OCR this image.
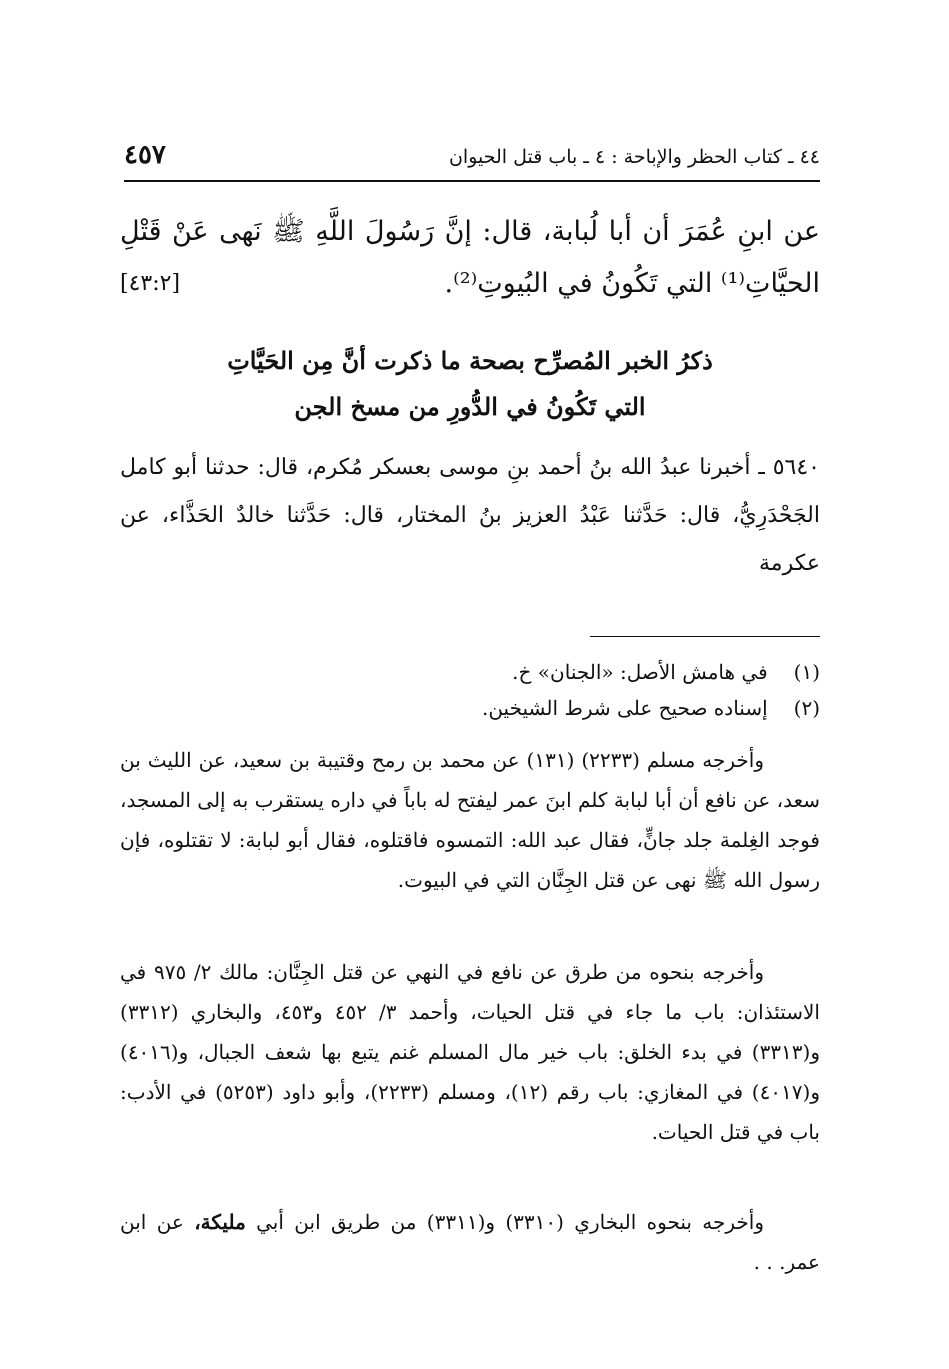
٤٤ ـ كتاب الحظر والإباحة : ٤ ـ باب قتل الحيوان
٤٥٧
عن ابنِ عُمَرَ أن أبا لُبابة، قال: إنَّ رَسُولَ اللَّهِ ﷺ نَهى عَنْ قَتْلِ الحيَّاتِ⁽¹⁾ التي تَكُونُ في البُيوتِ⁽²⁾.
[٤٣:٢]
ذكرُ الخبر المُصرِّح بصحة ما ذكرت أنَّ مِن الحَيَّاتِ
التي تَكُونُ في الدُّورِ من مسخ الجن
٥٦٤٠ ـ أخبرنا عبدُ الله بنُ أحمد بنِ موسى بعسكر مُكرم، قال: حدثنا أبو كامل الجَحْدَرِيُّ، قال: حَدَّثنا عَبْدُ العزيز بنُ المختار، قال: حَدَّثنا خالدٌ الحَذَّاء، عن عكرمة
(١) في هامش الأصل: «الجنان» خ.
(٢) إسناده صحيح على شرط الشيخين.
وأخرجه مسلم (٢٢٣٣) (١٣١) عن محمد بن رمح وقتيبة بن سعيد، عن الليث بن سعد، عن نافع أن أبا لبابة كلم ابنَ عمر ليفتح له باباً في داره يستقرب به إلى المسجد، فوجد الغِلمة جلد جانٍّ، فقال عبد الله: التمسوه فاقتلوه، فقال أبو لبابة: لا تقتلوه، فإن رسول الله ﷺ نهى عن قتل الجِنَّان التي في البيوت.
وأخرجه بنحوه من طرق عن نافع في النهي عن قتل الجِنَّان: مالك ٢/ ٩٧٥ في الاستئذان: باب ما جاء في قتل الحيات، وأحمد ٣/ ٤٥٢ و٤٥٣، والبخاري (٣٣١٢) و(٣٣١٣) في بدء الخلق: باب خير مال المسلم غنم يتبع بها شعف الجبال، و(٤٠١٦) و(٤٠١٧) في المغازي: باب رقم (١٢)، ومسلم (٢٢٣٣)، وأبو داود (٥٢٥٣) في الأدب: باب في قتل الحيات.
وأخرجه بنحوه البخاري (٣٣١٠) و(٣٣١١) من طريق ابن أبي مليكة، عن ابن عمر. . .
